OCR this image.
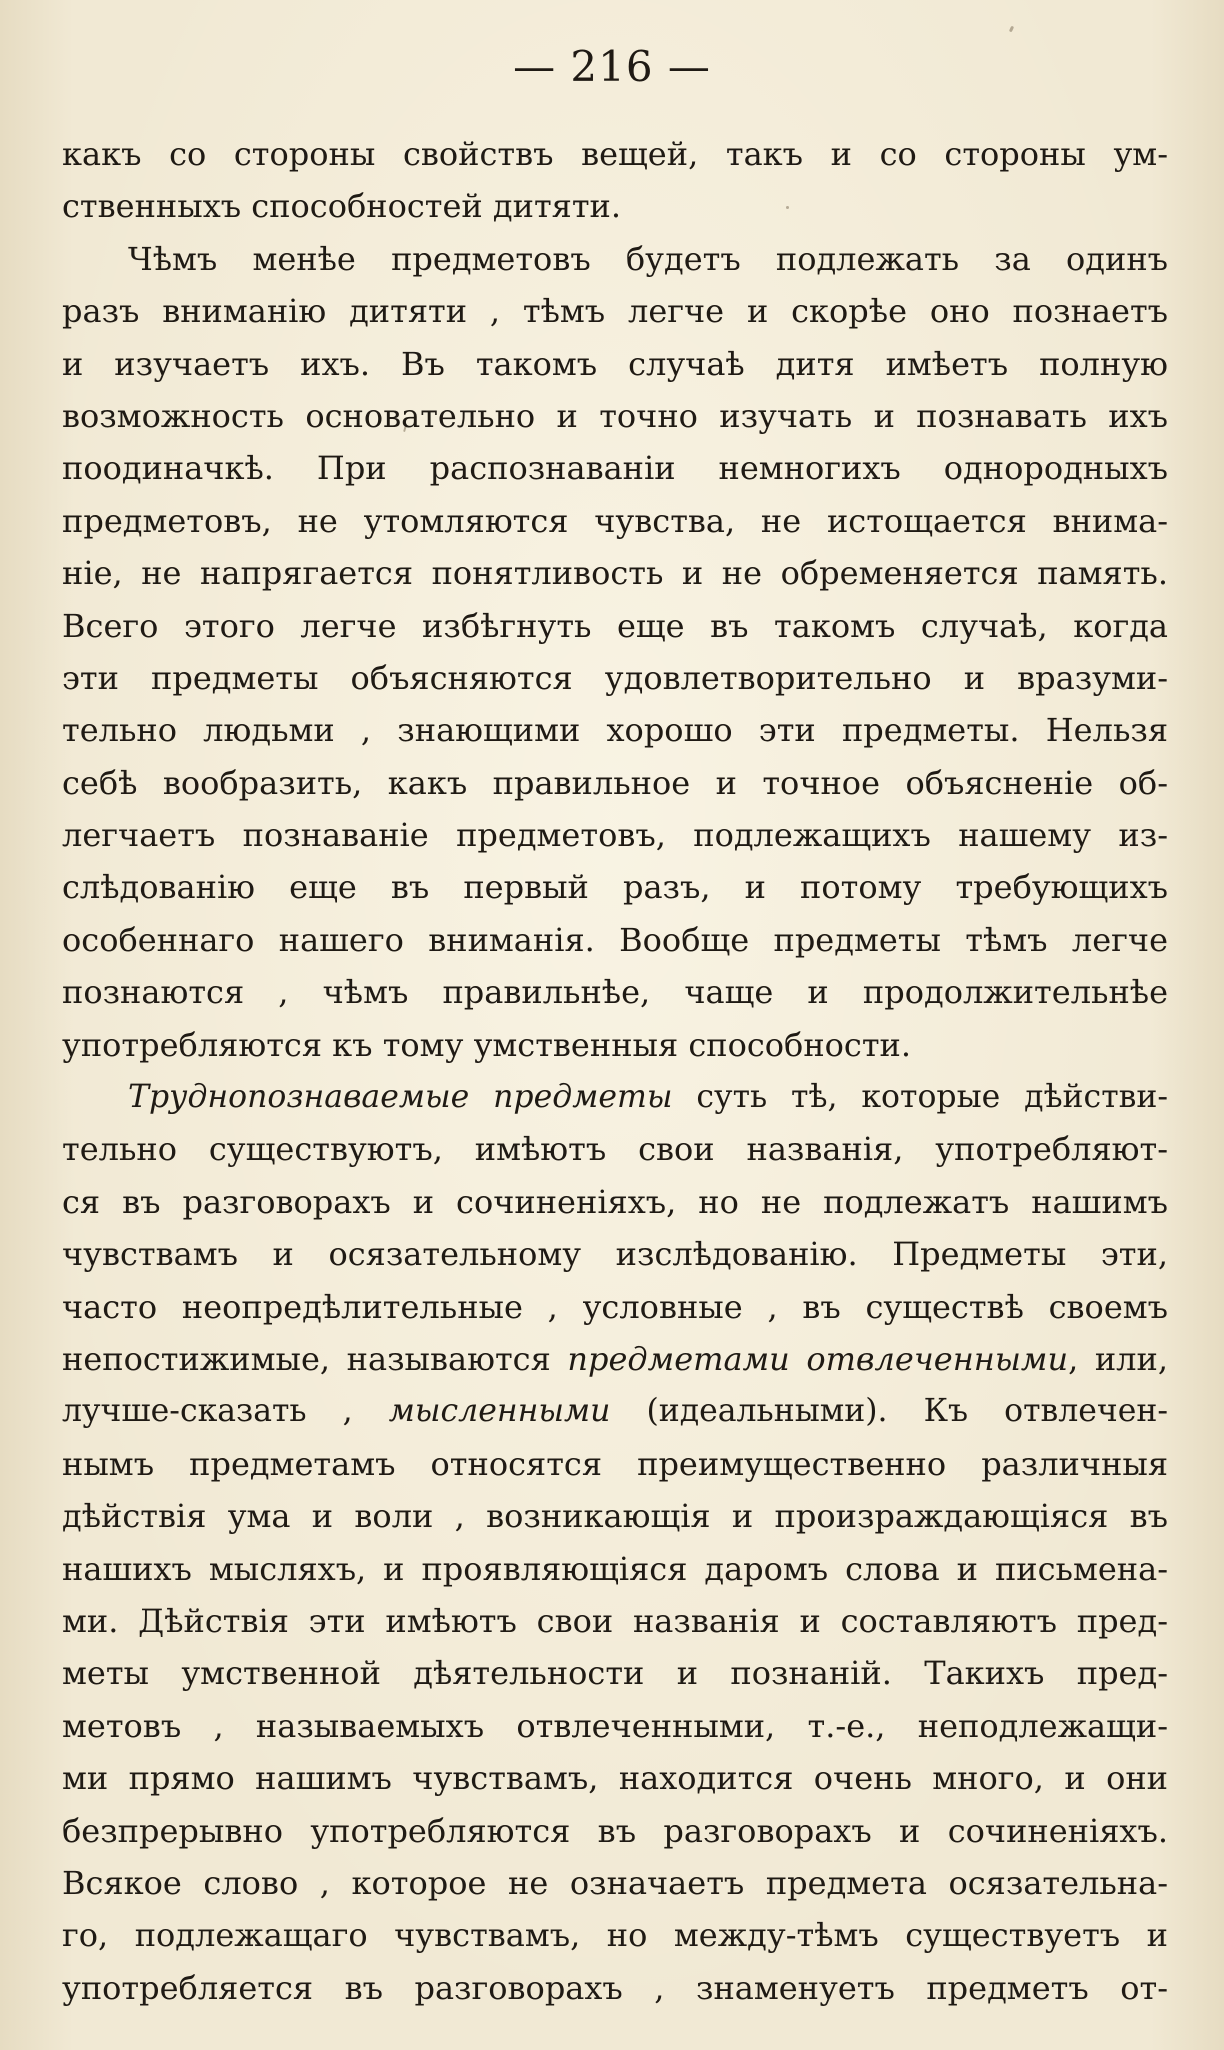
— 216 —
какъ со стороны свойствъ вещей, такъ и со стороны ум-
ственныхъ способностей дитяти.
Чѣмъ менѣе предметовъ будетъ подлежать за одинъ
разъ вниманію дитяти , тѣмъ легче и скорѣе оно познаетъ
и изучаетъ ихъ. Въ такомъ случаѣ дитя имѣетъ полную
возможность основательно и точно изучать и познавать ихъ
поодиначкѣ. При распознаваніи немногихъ однородныхъ
предметовъ, не утомляются чувства, не истощается внима-
ніе, не напрягается понятливость и не обременяется память.
Всего этого легче избѣгнуть еще въ такомъ случаѣ, когда
эти предметы объясняются удовлетворительно и вразуми-
тельно людьми , знающими хорошо эти предметы. Нельзя
себѣ вообразить, какъ правильное и точное объясненіе об-
легчаетъ познаваніе предметовъ, подлежащихъ нашему из-
слѣдованію еще въ первый разъ, и потому требующихъ
особеннаго нашего вниманія. Вообще предметы тѣмъ легче
познаются , чѣмъ правильнѣе, чаще и продолжительнѣе
употребляются къ тому умственныя способности.
Труднопознаваемые предметы суть тѣ, которые дѣйстви-
тельно существуютъ, имѣютъ свои названія, употребляют-
ся въ разговорахъ и сочиненіяхъ, но не подлежатъ нашимъ
чувствамъ и осязательному изслѣдованію. Предметы эти,
часто неопредѣлительные , условные , въ существѣ своемъ
непостижимые, называются предметами отвлеченными, или,
лучше-сказать , мысленными (идеальными). Къ отвлечен-
нымъ предметамъ относятся преимущественно различныя
дѣйствія ума и воли , возникающія и произраждающіяся въ
нашихъ мысляхъ, и проявляющіяся даромъ слова и письмена-
ми. Дѣйствія эти имѣютъ свои названія и составляютъ пред-
меты умственной дѣятельности и познаній. Такихъ пред-
метовъ , называемыхъ отвлеченными, т.-е., неподлежащи-
ми прямо нашимъ чувствамъ, находится очень много, и они
безпрерывно употребляются въ разговорахъ и сочиненіяхъ.
Всякое слово , которое не означаетъ предмета осязательна-
го, подлежащаго чувствамъ, но между-тѣмъ существуетъ и
употребляется въ разговорахъ , знаменуетъ предметъ от-
